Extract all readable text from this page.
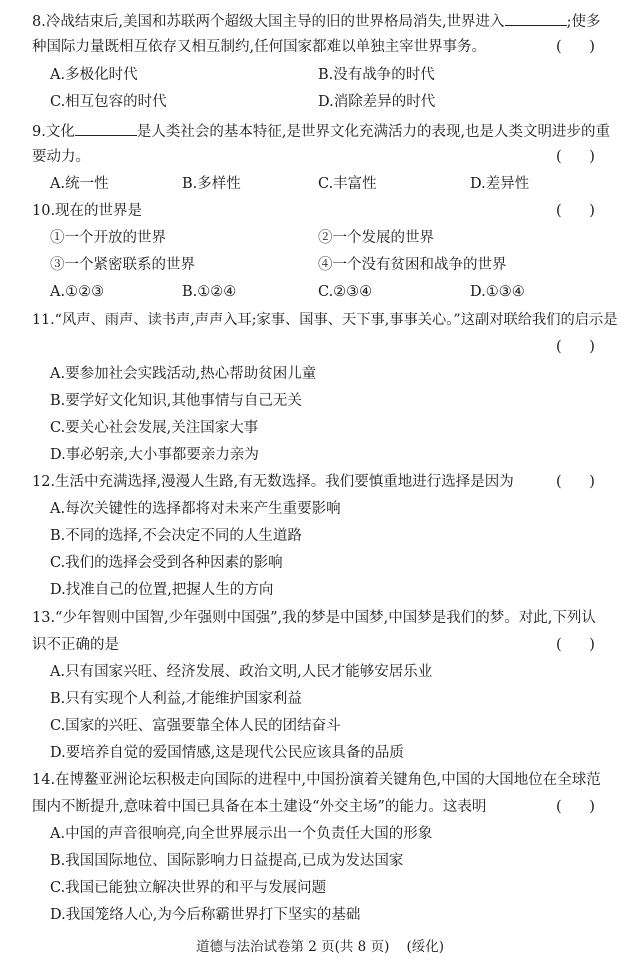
8.冷战结束后,美国和苏联两个超级大国主导的旧的世界格局消失,世界进入	;使多
种国际力量既相互依存又相互制约,任何国家都难以单独主宰世界事务。	(      )
A.多极化时代	B.没有战争的时代
C.相互包容的时代	D.消除差异的时代
9.文化	是人类社会的基本特征,是世界文化充满活力的表现,也是人类文明进步的重
要动力。	(      )
A.统一性	B.多样性	C.丰富性	D.差异性
10.现在的世界是	(      )
①一个开放的世界	②一个发展的世界
③一个紧密联系的世界	④一个没有贫困和战争的世界
A.①②③	B.①②④	C.②③④	D.①③④
11.“风声、雨声、读书声,声声入耳;家事、国事、天下事,事事关心。”这副对联给我们的启示是
(      )
A.要参加社会实践活动,热心帮助贫困儿童
B.要学好文化知识,其他事情与自己无关
C.要关心社会发展,关注国家大事
D.事必躬亲,大小事都要亲力亲为
12.生活中充满选择,漫漫人生路,有无数选择。我们要慎重地进行选择是因为	(      )
A.每次关键性的选择都将对未来产生重要影响
B.不同的选择,不会决定不同的人生道路
C.我们的选择会受到各种因素的影响
D.找准自己的位置,把握人生的方向
13.“少年智则中国智,少年强则中国强”,我的梦是中国梦,中国梦是我们的梦。对此,下列认
识不正确的是	(      )
A.只有国家兴旺、经济发展、政治文明,人民才能够安居乐业
B.只有实现个人利益,才能维护国家利益
C.国家的兴旺、富强要靠全体人民的团结奋斗
D.要培养自觉的爱国情感,这是现代公民应该具备的品质
14.在博鳌亚洲论坛积极走向国际的进程中,中国扮演着关键角色,中国的大国地位在全球范
围内不断提升,意味着中国已具备在本土建设“外交主场”的能力。这表明	(      )
A.中国的声音很响亮,向全世界展示出一个负责任大国的形象
B.我国国际地位、国际影响力日益提高,已成为发达国家
C.我国已能独立解决世界的和平与发展问题
D.我国笼络人心,为今后称霸世界打下坚实的基础
道德与法治试卷第 2 页(共 8 页)    (绥化)
